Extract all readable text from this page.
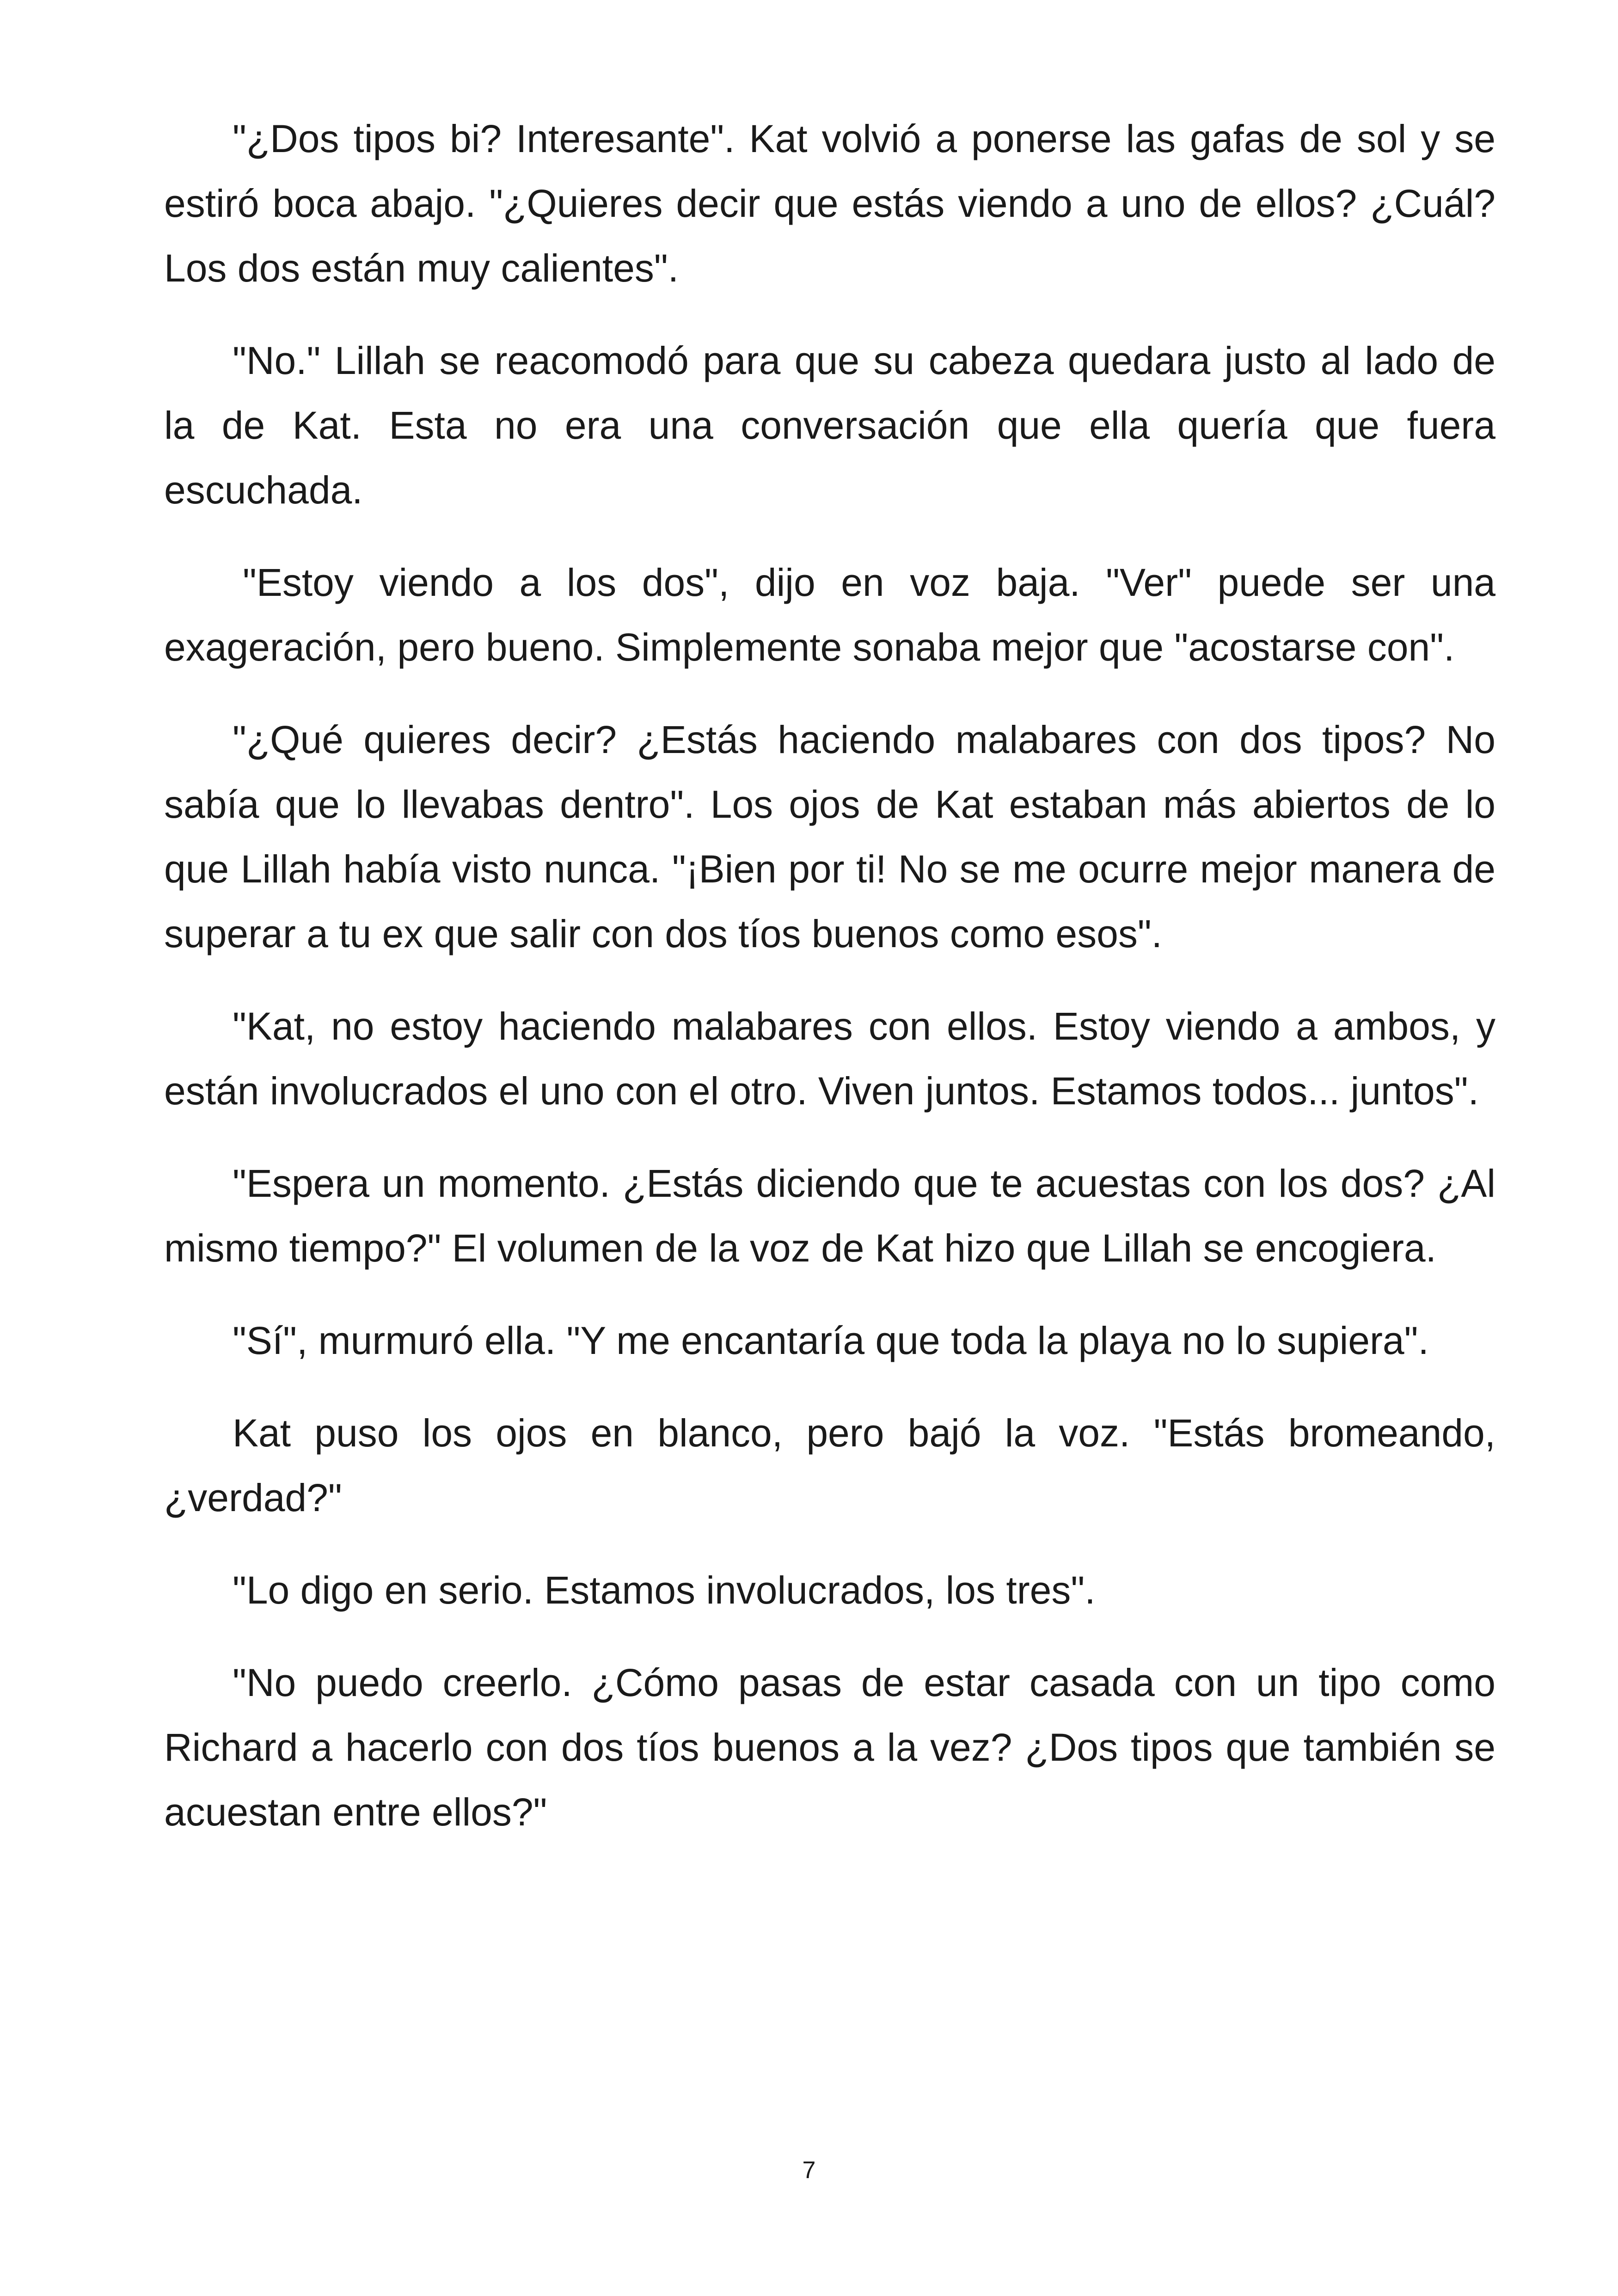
"¿Dos tipos bi? Interesante". Kat volvió a ponerse las gafas de sol y se estiró boca abajo. "¿Quieres decir que estás viendo a uno de ellos? ¿Cuál? Los dos están muy calientes".

"No." Lillah se reacomodó para que su cabeza quedara justo al lado de la de Kat. Esta no era una conversación que ella quería que fuera escuchada.

"Estoy viendo a los dos", dijo en voz baja. "Ver" puede ser una exageración, pero bueno. Simplemente sonaba mejor que "acostarse con".

"¿Qué quieres decir? ¿Estás haciendo malabares con dos tipos? No sabía que lo llevabas dentro". Los ojos de Kat estaban más abiertos de lo que Lillah había visto nunca. "¡Bien por ti! No se me ocurre mejor manera de superar a tu ex que salir con dos tíos buenos como esos".

"Kat, no estoy haciendo malabares con ellos. Estoy viendo a ambos, y están involucrados el uno con el otro. Viven juntos. Estamos todos... juntos".

"Espera un momento. ¿Estás diciendo que te acuestas con los dos? ¿Al mismo tiempo?" El volumen de la voz de Kat hizo que Lillah se encogiera.

"Sí", murmuró ella. "Y me encantaría que toda la playa no lo supiera".

Kat puso los ojos en blanco, pero bajó la voz. "Estás bromeando, ¿verdad?"

"Lo digo en serio. Estamos involucrados, los tres".

"No puedo creerlo. ¿Cómo pasas de estar casada con un tipo como Richard a hacerlo con dos tíos buenos a la vez? ¿Dos tipos que también se acuestan entre ellos?"

7
